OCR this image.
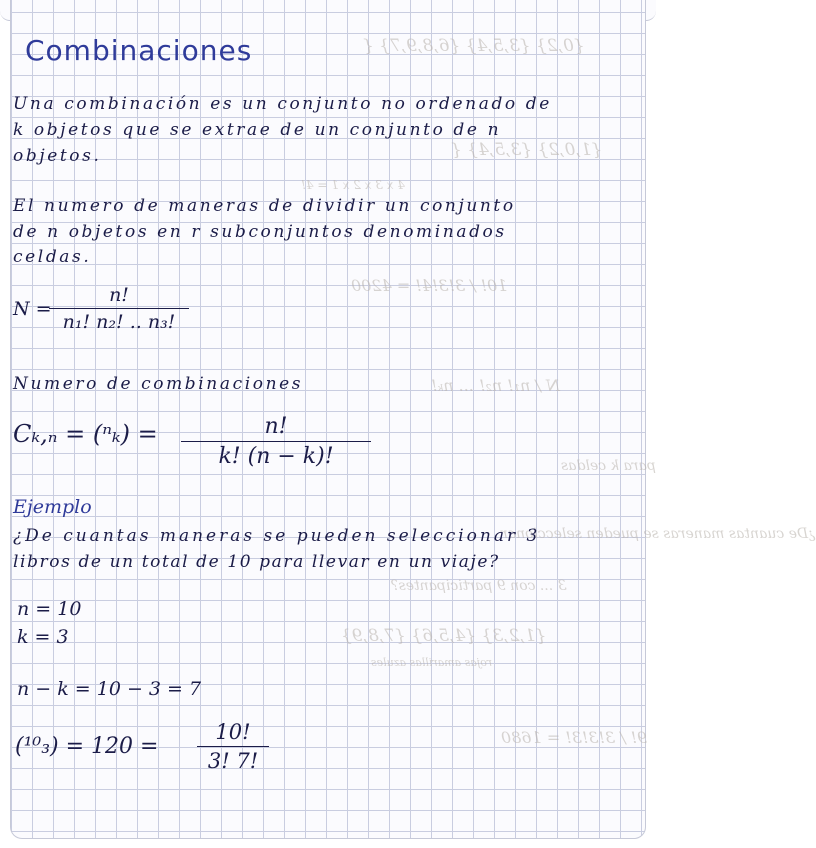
{0,2} {3,5,4} {6,8,9,7} {
{1,0,2} {3,5,4} {
4 x 3 x 2 x 1 = 4!
10! / 3!3!4! = 4200
N / n₁! n₂! ... nₖ!
para k celdas
¿De cuantas maneras se pueden seleccionar
3 ... con 9 participantes?
{1,2,3} {4,5,6} {7,8,9}
rojas amarillas azules
9! / 3!3!3! = 1680
Combinaciones
Una combinación es un conjunto no ordenado de
k objetos que se extrae de un conjunto de n
objetos.
El numero de maneras de dividir un conjunto
de n objetos en r subconjuntos denominados
celdas.
N =
n!
n₁! n₂! .. n₃!
Numero de combinaciones
Cₖ,ₙ = (ⁿₖ) =	n!
k! (n − k)!
Ejemplo
¿De cuantas maneras se pueden seleccionar 3
libros de un total de 10 para llevar en un viaje?
n = 10
k = 3
n − k = 10 − 3 = 7
(¹⁰₃) = 120 =
10!
3! 7!
